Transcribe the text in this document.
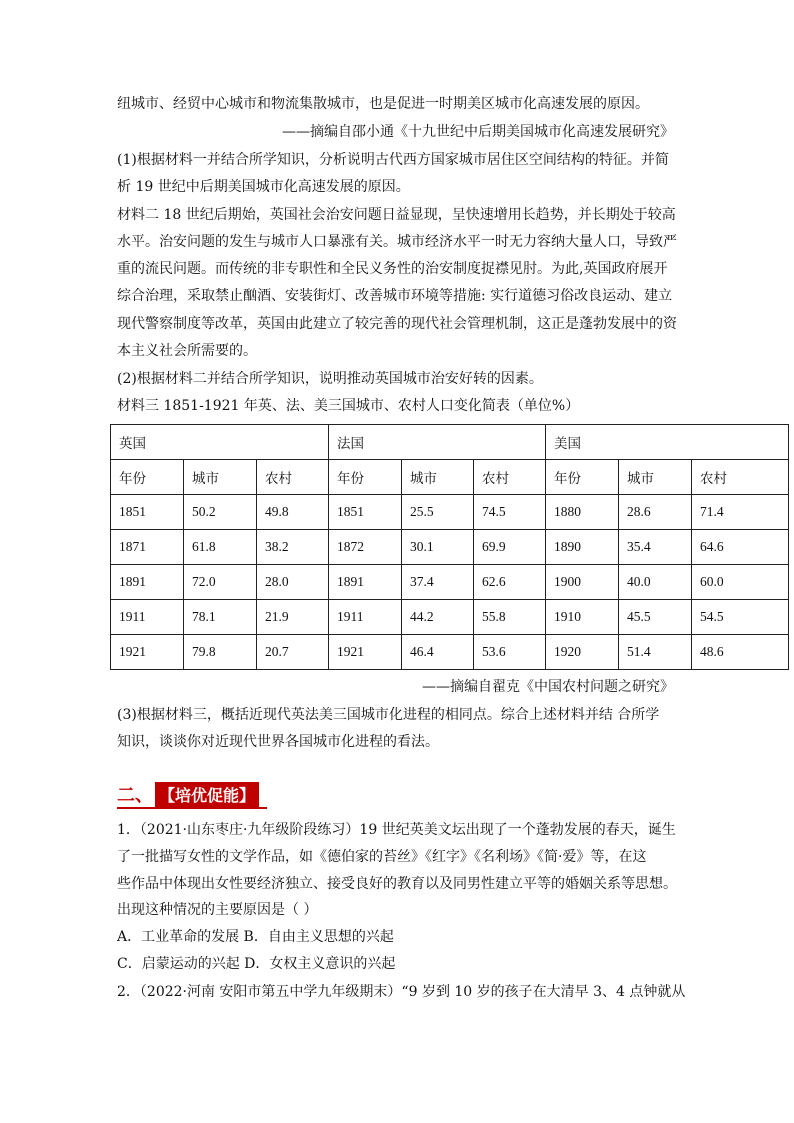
纽城市、经贸中心城市和物流集散城市，也是促进一时期美区城市化高速发展的原因。
——摘编自邵小通《十九世纪中后期美国城市化高速发展研究》
(1)根据材料一并结合所学知识，分析说明古代西方国家城市居住区空间结构的特征。并简
析 19 世纪中后期美国城市化高速发展的原因。
材料二 18 世纪后期始，英国社会治安问题日益显现，呈快速增用长趋势，并长期处于较高
水平。治安问题的发生与城市人口暴涨有关。城市经济水平一时无力容纳大量人口，导致严
重的流民问题。而传统的非专职性和全民义务性的治安制度捉襟见肘。为此,英国政府展开
综合治理，采取禁止酗酒、安装街灯、改善城市环境等措施: 实行道德习俗改良运动、建立
现代警察制度等改革，英国由此建立了较完善的现代社会管理机制，这正是蓬勃发展中的资
本主义社会所需要的。
(2)根据材料二并结合所学知识，说明推动英国城市治安好转的因素。
材料三 1851-1921 年英、法、美三国城市、农村人口变化简表（单位%）
英国			法国			美国		
年份	城市	农村	年份	城市	农村	年份	城市	农村
1851	50.2	49.8	1851	25.5	74.5	1880	28.6	71.4
1871	61.8	38.2	1872	30.1	69.9	1890	35.4	64.6
1891	72.0	28.0	1891	37.4	62.6	1900	40.0	60.0
1911	78.1	21.9	1911	44.2	55.8	1910	45.5	54.5
1921	79.8	20.7	1921	46.4	53.6	1920	51.4	48.6
——摘编自翟克《中国农村问题之研究》
(3)根据材料三，概括近现代英法美三国城市化进程的相同点。综合上述材料并结 合所学
知识，谈谈你对近现代世界各国城市化进程的看法。
二、 【培优促能】
1．（2021·山东枣庄·九年级阶段练习）19 世纪英美文坛出现了一个蓬勃发展的春天，诞生
了一批描写女性的文学作品，如《德伯家的苔丝》《红字》《名利场》《简·爱》等，在这
些作品中体现出女性要经济独立、接受良好的教育以及同男性建立平等的婚姻关系等思想。
出现这种情况的主要原因是（ ）
A．工业革命的发展 B．自由主义思想的兴起
C．启蒙运动的兴起 D．女权主义意识的兴起
2．（2022·河南 安阳市第五中学九年级期末）“9 岁到 10 岁的孩子在大清早 3、4 点钟就从
